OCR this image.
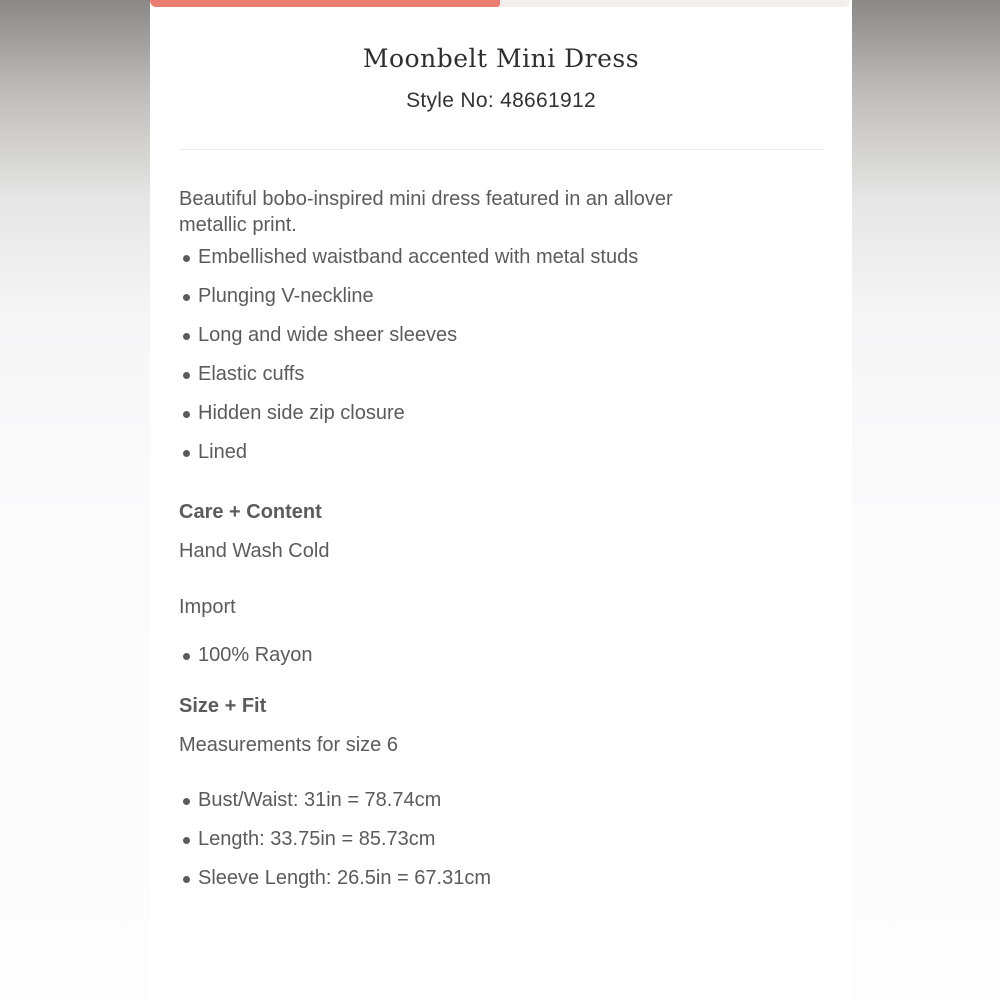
Moonbelt Mini Dress
Style No: 48661912

Beautiful bobo-inspired mini dress featured in an allover metallic print.

Embellished waistband accented with metal studs
Plunging V-neckline
Long and wide sheer sleeves
Elastic cuffs
Hidden side zip closure
Lined

Care + Content

Hand Wash Cold

Import

100% Rayon

Size + Fit

Measurements for size 6

Bust/Waist: 31in = 78.74cm
Length: 33.75in = 85.73cm
Sleeve Length: 26.5in = 67.31cm
